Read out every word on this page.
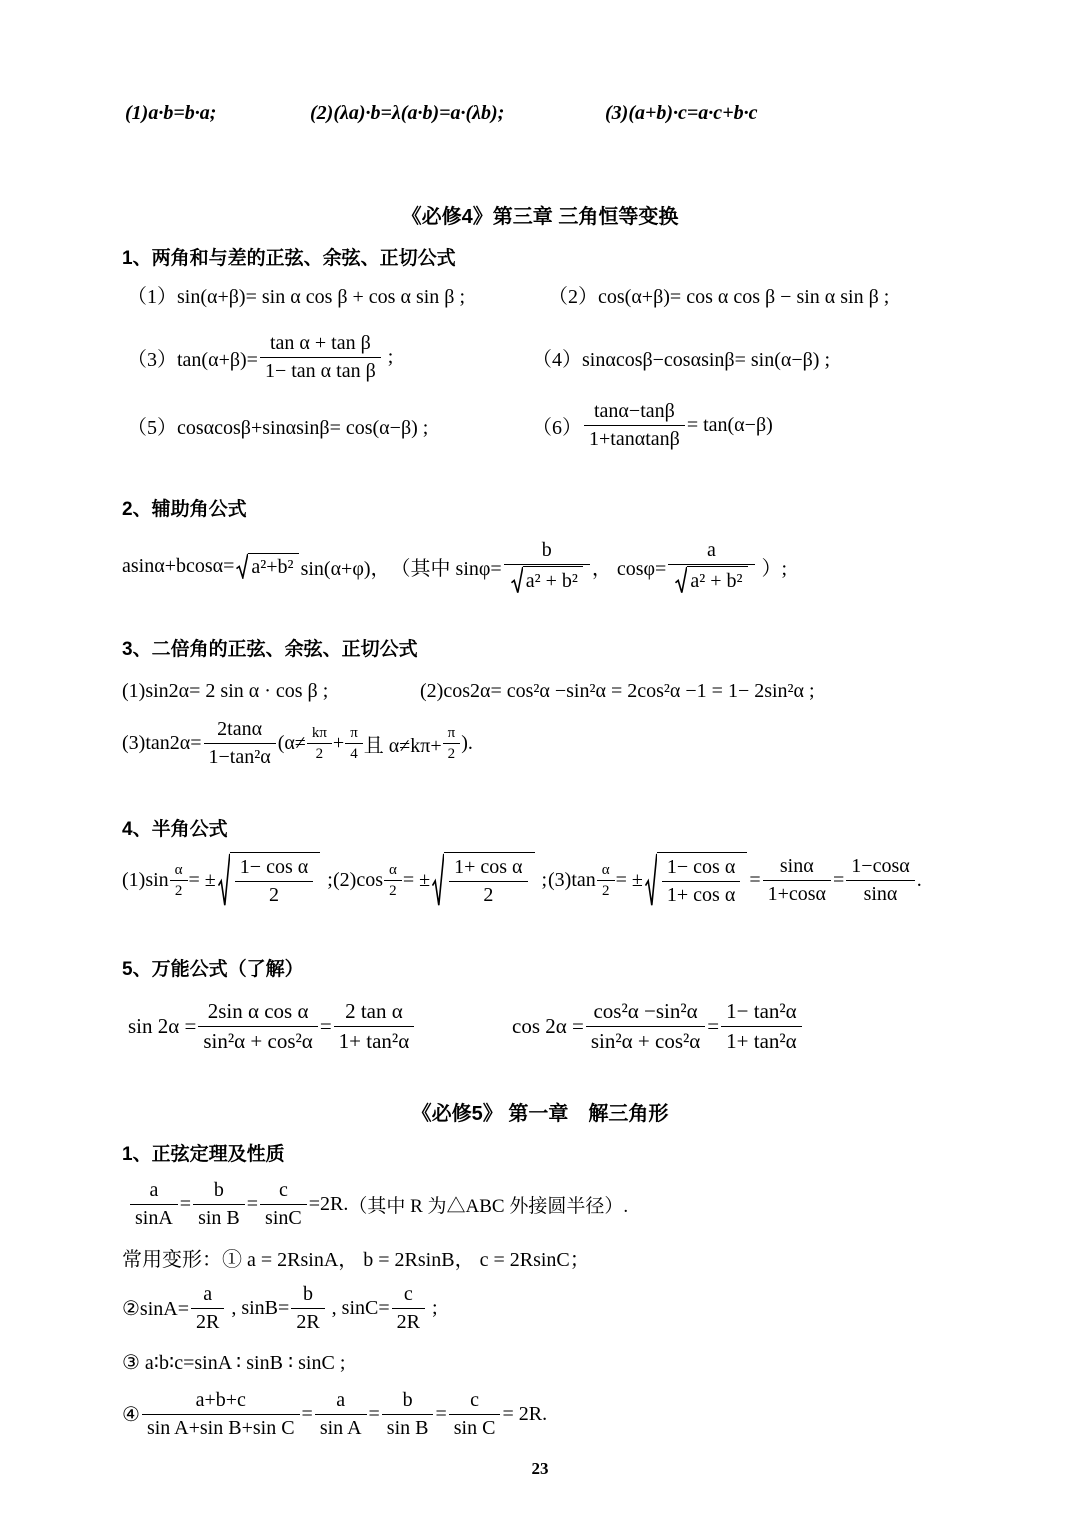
(1)a·b=b·a;	(2)(λa)·b=λ(a·b)=a·(λb);	(3)(a+b)·c=a·c+b·c
《必修4》第三章 三角恒等变换
1、两角和与差的正弦、余弦、正切公式
（1）sin(α+β)= sin α cos β + cos α sin β ;	（2）cos(α+β)= cos α cos β − sin α sin β ;
$(3)\tan(\alpha+\beta)= \frac{\text{tan α + tan β}}{\text{1− tan α tan β}}$ ;	（4）sinαcosβ−cosαsinβ= sin(α−β) ;
（5）cosαcosβ+sinαsinβ= cos(α−β) ;	$(6) \frac{\tan\alpha-\tan\beta}{1+\tan\alpha\tan\beta} = \tan(\alpha-\beta)$
2、辅助角公式
asinα+bcosα= a²+b² sin(α+φ)， （其中 $\sin\varphi= \frac{b}{\text{a² + b²}}$ ， $\cos\varphi= \frac{a}{\text{a² + b²}}$ ）;
3、二倍角的正弦、余弦、正切公式
(1)sin2α= 2 sin α · cos β ;	(2)cos2α= cos²α −sin²α = 2cos²α −1 = 1− 2sin²α ;
$(3)\tan 2\alpha= \frac{2\tan\alpha}{\text{1−tan²α}} (\alpha\ne \frac{k\pi}{2} + \frac{\pi}{4}$ 且 $\alpha\ne k\pi+ \frac{\pi}{2}$ ).
4、半角公式
$(1)\sin \frac{\alpha}{2}$ = ± $\frac{\text{1− cos α}}{2}$ ; $(2)\cos \frac{\alpha}{2}$ = ± $\frac{\text{1+ cos α}}{2}$ ; $(3)\tan \frac{\alpha}{2}$ = ± $\frac{\text{1− cos α}}{\text{1+ cos α}} = \frac{\sin\alpha}{1+\cos\alpha} = \frac{1-\cos\alpha}{\sin\alpha}$ .
5、万能公式（了解）
$\sin 2\alpha = \frac{\text{2sin α cos α}}{\text{sin²α + cos²α}} = \frac{\text{2 tan α}}{\text{1+ tan²α}}$	$\cos 2\alpha = \frac{\text{cos²α −sin²α}}{\text{sin²α + cos²α}} = \frac{\text{1− tan²α}}{\text{1+ tan²α}}$
《必修5》 第一章　解三角形
1、正弦定理及性质
$\frac{a}{\sin A} = \frac{b}{\text{sin B}} = \frac{c}{\sin C} =2R$. （其中 R 为△ABC 外接圆半径）.
常用变形：① a = 2RsinA， b = 2RsinB， c = 2RsinC；
②sinA= $\frac{a}{2R}$ , $\sin B= \frac{b}{2R}$ , $\sin C= \frac{c}{2R}$ ;
③ a∶b∶c=sinA ∶ sinB ∶ sinC ;
④ $\frac{a+b+c}{\text{sin A+sin B+sin C}} = \frac{a}{\text{sin A}} = \frac{b}{\text{sin B}} = \frac{c}{\text{sin C}} = 2R$.
23
